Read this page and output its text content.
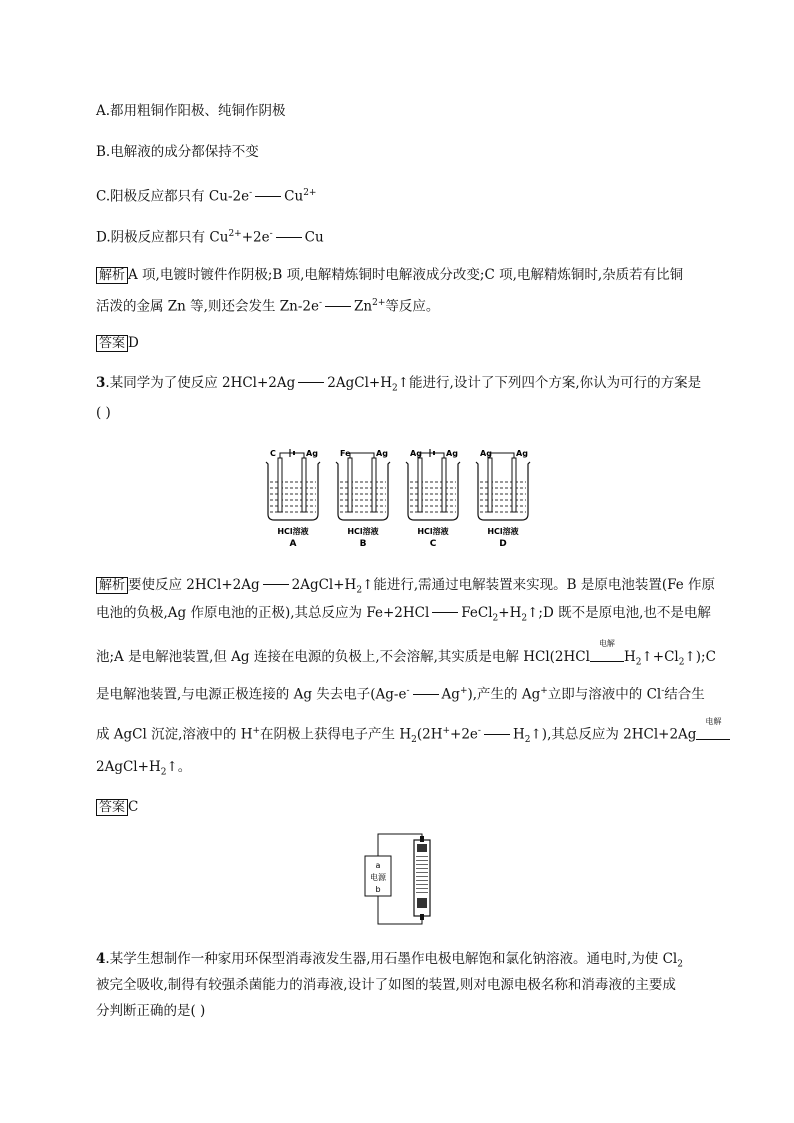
A.都用粗铜作阳极、纯铜作阴极
B.电解液的成分都保持不变
C.阳极反应都只有 Cu-2e- $Cu^{2+}$
D.阴极反应都只有 $Cu^{2+}+2e^-$ Cu
解析 A 项,电镀时镀件作阴极;B 项,电解精炼铜时电解液成分改变;C 项,电解精炼铜时,杂质若有比铜
活泼的金属 Zn 等,则还会发生 Zn-2e- $Zn^{2+}$等反应。
答案 D
3.某同学为了使反应 2HCl+2Ag $2AgCl+H_2↑$能进行,设计了下列四个方案,你认为可行的方案是
( )
C	Ag
HCl溶液
A
Fe	Ag
HCl溶液
B
Ag	Ag
HCl溶液
C
Ag	Ag
HCl溶液
D
解析 要使反应 2HCl+2Ag $2AgCl+H_2↑$能进行,需通过电解装置来实现。B 是原电池装置(Fe 作原
电池的负极,Ag 作原电池的正极),其总反应为 Fe+2HCl $FeCl_2+H_2↑;D$ 既不是原电池,也不是电解
池;A 是电解池装置,但 Ag 连接在电源的负极上,不会溶解,其实质是电解 HCl(2HCl
电解
$H_2↑+Cl_2↑);C$
是电解池装置,与电源正极连接的 Ag 失去电子(Ag-e- Ag+),产生的 Ag+立即与溶液中的 Cl-结合生
成 AgCl 沉淀,溶液中的 H+在阴极上获得电子产生 $H_2(2H^++2e^-$ $H_2↑$),其总反应为 2HCl+2Ag
电解
$2AgCl+H_2↑$。
答案 C
a
电源
b
4.某学生想制作一种家用环保型消毒液发生器,用石墨作电极电解饱和氯化钠溶液。通电时,为使 $Cl_2$
被完全吸收,制得有较强杀菌能力的消毒液,设计了如图的装置,则对电源电极名称和消毒液的主要成
分判断正确的是( )
